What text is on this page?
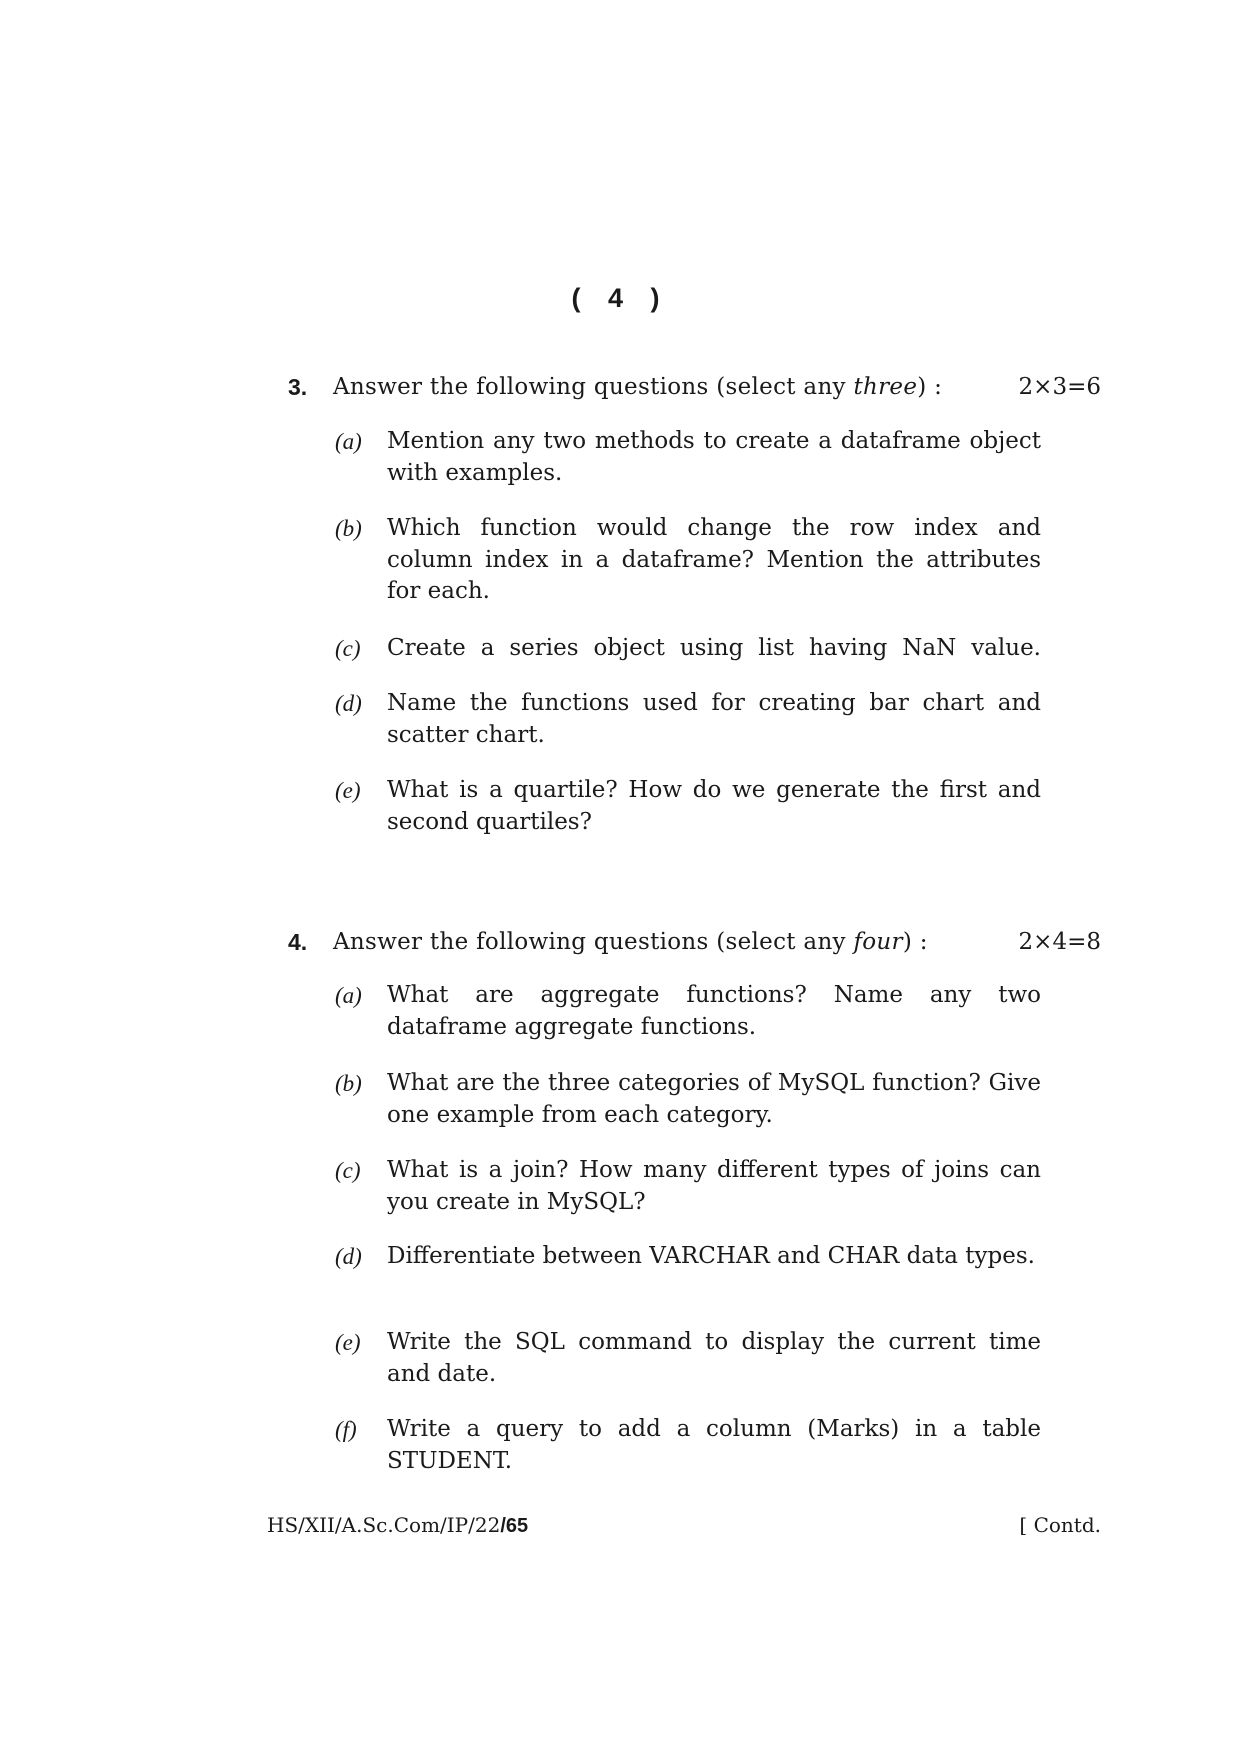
( 4 )
3. Answer the following questions (select any three) :	2×3=6
(a) Mention any two methods to create a dataframe object with examples.
(b) Which function would change the row index and column index in a dataframe? Mention the attributes for each.
(c) Create a series object using list having NaN value.
(d) Name the functions used for creating bar chart and scatter chart.
(e) What is a quartile? How do we generate the first and second quartiles?
4. Answer the following questions (select any four) :	2×4=8
(a) What are aggregate functions? Name any two dataframe aggregate functions.
(b) What are the three categories of MySQL function? Give one example from each category.
(c) What is a join? How many different types of joins can you create in MySQL?
(d) Differentiate between VARCHAR and CHAR data types.
(e) Write the SQL command to display the current time and date.
(f) Write a query to add a column (Marks) in a table STUDENT.
HS/XII/A.Sc.Com/IP/22/65	[ Contd.
